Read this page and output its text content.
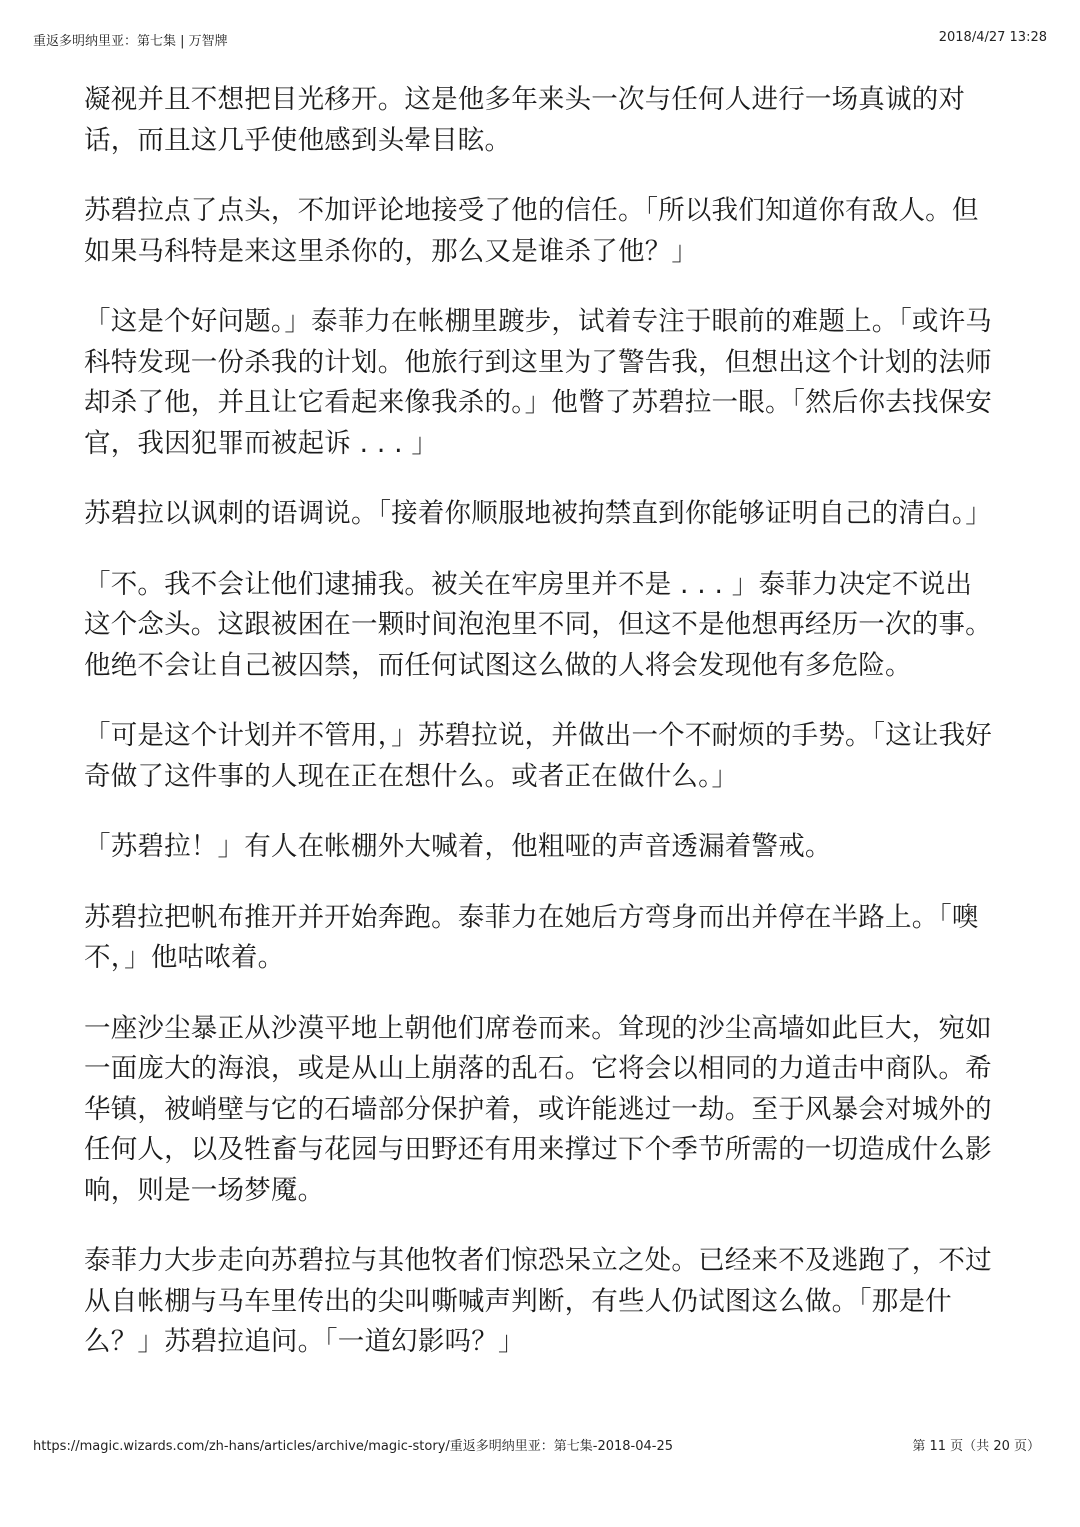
重返多明纳里亚：第七集 | 万智牌	2018/4/27 13:28

凝视并且不想把目光移开。这是他多年来头一次与任何人进行一场真诚的对话，而且这几乎使他感到头晕目眩。

苏碧拉点了点头，不加评论地接受了他的信任。「所以我们知道你有敌人。但如果马科特是来这里杀你的，那么又是谁杀了他？」

「这是个好问题。」泰菲力在帐棚里踱步，试着专注于眼前的难题上。「或许马科特发现一份杀我的计划。他旅行到这里为了警告我，但想出这个计划的法师却杀了他，并且让它看起来像我杀的。」他瞥了苏碧拉一眼。「然后你去找保安官，我因犯罪而被起诉 . . . 」

苏碧拉以讽刺的语调说。「接着你顺服地被拘禁直到你能够证明自己的清白。」

「不。我不会让他们逮捕我。被关在牢房里并不是 . . . 」泰菲力决定不说出这个念头。这跟被困在一颗时间泡泡里不同，但这不是他想再经历一次的事。他绝不会让自己被囚禁，而任何试图这么做的人将会发现他有多危险。

「可是这个计划并不管用，」苏碧拉说，并做出一个不耐烦的手势。「这让我好奇做了这件事的人现在正在想什么。或者正在做什么。」

「苏碧拉！」有人在帐棚外大喊着，他粗哑的声音透漏着警戒。

苏碧拉把帆布推开并开始奔跑。泰菲力在她后方弯身而出并停在半路上。「噢不，」他咕哝着。

一座沙尘暴正从沙漠平地上朝他们席卷而来。耸现的沙尘高墙如此巨大，宛如一面庞大的海浪，或是从山上崩落的乱石。它将会以相同的力道击中商队。希华镇，被峭壁与它的石墙部分保护着，或许能逃过一劫。至于风暴会对城外的任何人，以及牲畜与花园与田野还有用来撑过下个季节所需的一切造成什么影响，则是一场梦魇。

泰菲力大步走向苏碧拉与其他牧者们惊恐呆立之处。已经来不及逃跑了，不过从自帐棚与马车里传出的尖叫嘶喊声判断，有些人仍试图这么做。「那是什么？」苏碧拉追问。「一道幻影吗？」

https://magic.wizards.com/zh-hans/articles/archive/magic-story/重返多明纳里亚：第七集-2018-04-25	第 11 页（共 20 页）
